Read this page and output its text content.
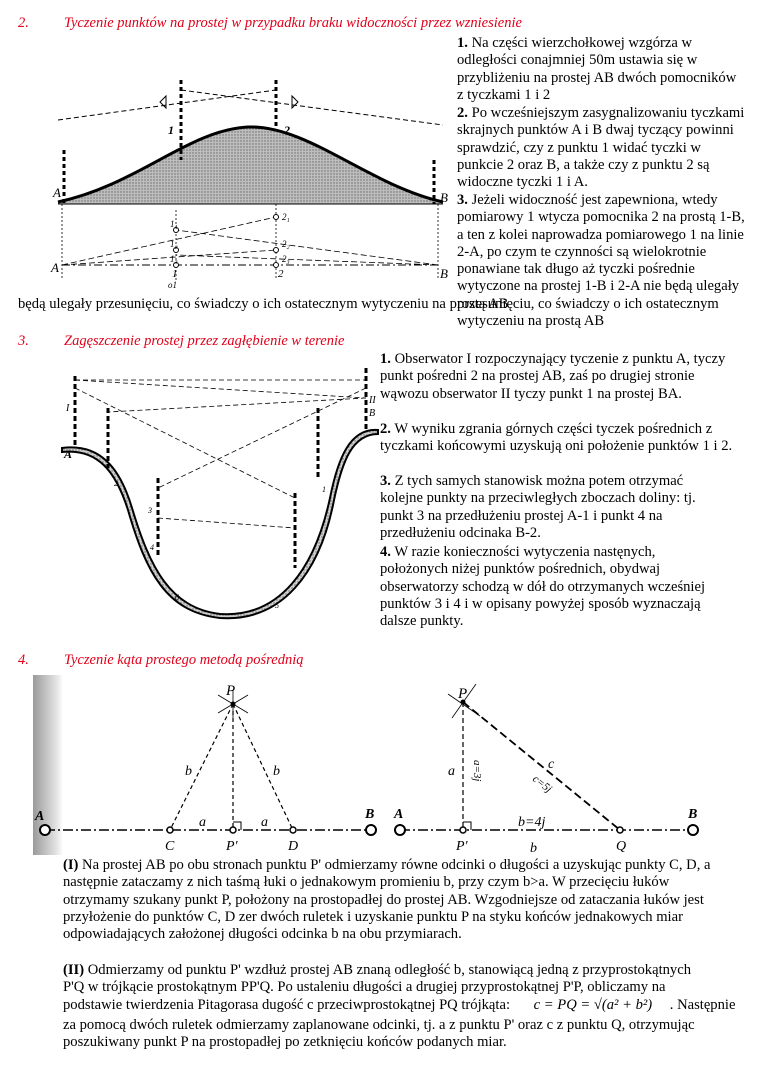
2. Tyczenie punktów na prostej w przypadku braku widoczności przez wzniesienie
1. Na części wierzchołkowej wzgórza w odległości conajmniej 50m ustawia się w przybliżeniu na prostej AB dwóch pomocników z tyczkami 1 i 2
2. Po wcześniejszym zasygnalizowaniu tyczkami skrajnych punktów A i B dwaj tyczący powinni sprawdzić, czy z punktu 1 widać tyczki w punkcie 2 oraz B, a także czy z punktu 2 są widoczne tyczki 1 i A.
3. Jeżeli widoczność jest zapewniona, wtedy pomiarowy 1 wtycza pomocnika 2 na prostą 1-B, a ten z kolei naprowadza pomiarowego 1 na linie 2-A, po czym te czynności są wielokrotnie ponawiane tak długo aż tyczki pośrednie wytyczone na prostej 1-B i 2-A nie będą ulegały przesunięciu, co świadczy o ich ostatecznym wytyczeniu na prostą AB
będą ulegały przesunięciu, co świadczy o ich ostatecznym wytyczeniu na prostą AB
A	B
1	2
A	B
1₁
1₂
1₃
2₁
2₂
2₃
1	2
o1
3. Zagęszczenie prostej przez zagłębienie w terenie
1. Obserwator I rozpoczynający tyczenie z punktu A, tyczy punkt pośredni 2 na prostej AB, zaś po drugiej stronie wąwozu obserwator II tyczy punkt 1 na prostej BA.
2. W wyniku zgrania górnych części tyczek pośrednich z tyczkami końcowymi uzyskują oni położenie punktów 1 i 2.
3. Z tych samych stanowisk można potem otrzymać kolejne punkty na przeciwległych zboczach doliny: tj. punkt 3 na przedłużeniu prostej A-1 i punkt 4 na przedłużeniu odcinaka B-2.
4. W razie konieczności wytyczenia nastęnych, położonych niżej punktów pośrednich, obydwaj obserwatorzy schodzą w dół do otrzymanych wcześniej punktów 3 i 4 i w opisany powyżej sposób wyznaczają dalsze punkty.
A
B
I
II
2
1
3
4
5
6
4. Tyczenie kąta prostego metodą pośrednią
P
P'
A	B
C	D
a	a
b	b
P
P'
A	B
Q
a
b=4j
b
c
c=5j
a=3j
(I) Na prostej AB po obu stronach punktu P' odmierzamy równe odcinki o długości a uzyskując punkty C, D, a następnie zataczamy z nich taśmą łuki o jednakowym promieniu b, przy czym b>a. W przecięciu łuków otrzymamy szukany punkt P, położony na prostopadłej do prostej AB. Wzgodniejsze od zataczania łuków jest przyłożenie do punktów C, D zer dwóch ruletek i uzyskanie punktu P na styku końców jednakowych miar odpowiadających założonej długości odcinka b na obu przymiarach.
(II) Odmierzamy od punktu P' wzdłuż prostej AB znaną odległość b, stanowiącą jedną z przyprostokątnych
P'Q w trójkącie prostokątnym PP'Q. Po ustaleniu długości a drugiej przyprostokątnej P'P, obliczamy na
podstawie twierdzenia Pitagorasa dugość c przeciwprostokątnej PQ trójkąta: c = PQ = √(a² + b²) . Następnie
za pomocą dwóch ruletek odmierzamy zaplanowane odcinki, tj. a z punktu P' oraz c z punktu Q, otrzymując
poszukiwany punkt P na prostopadłej po zetknięciu końców podanych miar.
